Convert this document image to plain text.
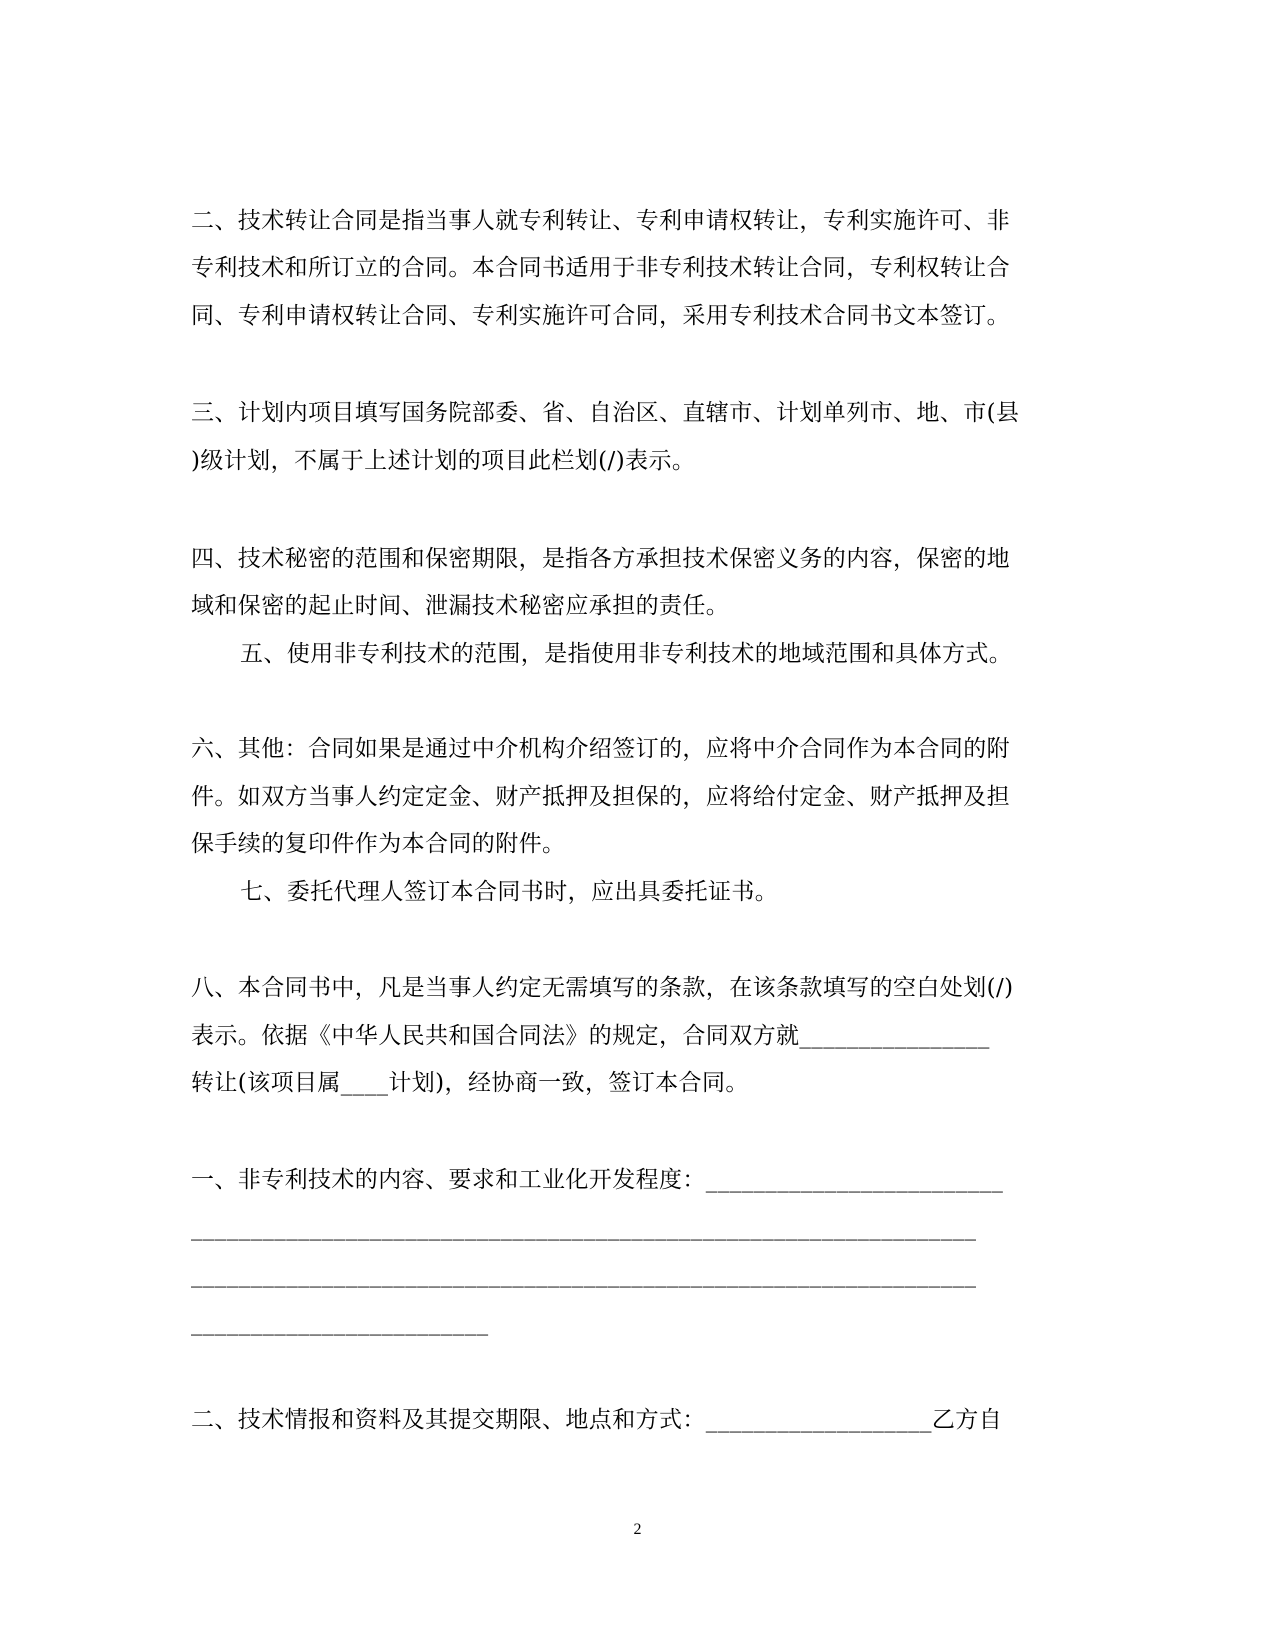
二、技术转让合同是指当事人就专利转让、专利申请权转让，专利实施许可、非
专利技术和所订立的合同。本合同书适用于非专利技术转让合同，专利权转让合
同、专利申请权转让合同、专利实施许可合同，采用专利技术合同书文本签订。
三、计划内项目填写国务院部委、省、自治区、直辖市、计划单列市、地、市(县
)级计划，不属于上述计划的项目此栏划(/)表示。
四、技术秘密的范围和保密期限，是指各方承担技术保密义务的内容，保密的地
域和保密的起止时间、泄漏技术秘密应承担的责任。
五、使用非专利技术的范围，是指使用非专利技术的地域范围和具体方式。
六、其他：合同如果是通过中介机构介绍签订的，应将中介合同作为本合同的附
件。如双方当事人约定定金、财产抵押及担保的，应将给付定金、财产抵押及担
保手续的复印件作为本合同的附件。
七、委托代理人签订本合同书时，应出具委托证书。
八、本合同书中，凡是当事人约定无需填写的条款，在该条款填写的空白处划(/)
表示。依据《中华人民共和国合同法》的规定，合同双方就________________
转让(该项目属____计划)，经协商一致，签订本合同。
一、非专利技术的内容、要求和工业化开发程度：_________________________
__________________________________________________________________
__________________________________________________________________
_________________________
二、技术情报和资料及其提交期限、地点和方式：___________________乙方自
2
